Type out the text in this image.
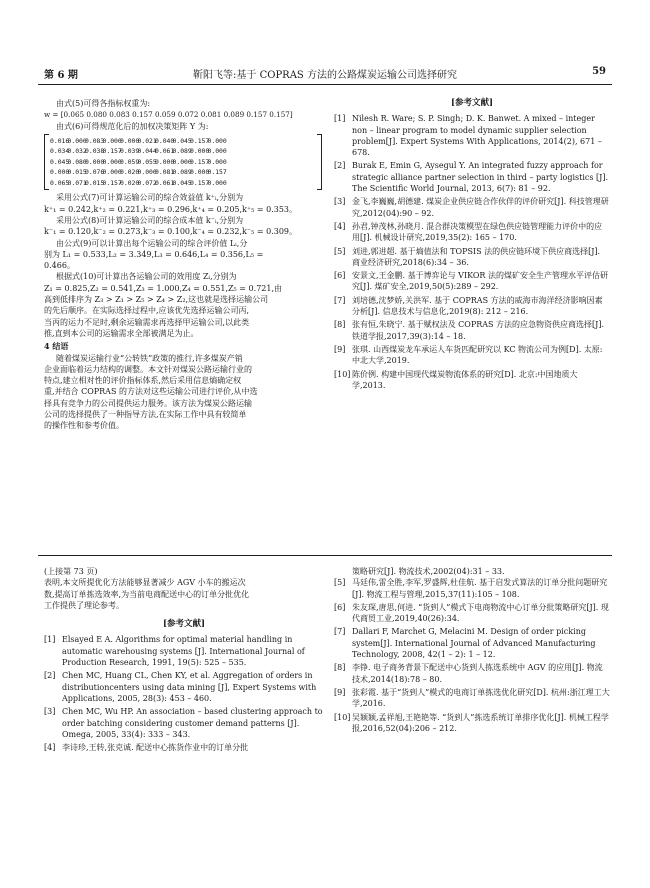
第 6 期	靳阳飞等:基于 COPRAS 方法的公路煤炭运输公司选择研究	59
由式(5)可得各指标权重为:
w = [0.065 0.080 0.083 0.157 0.059 0.072 0.081 0.089 0.157 0.157]
由式(6)可得规范化后的加权决策矩阵 Y 为:
0.016
0.000
0.083
0.000
0.000
0.021
0.040
0.045
0.157
0.000
0.034
0.032
0.038
0.157
0.039
0.044
0.061
0.089
0.000
0.000
0.045
0.080
0.000
0.000
0.059
0.055
0.000
0.000
0.157
0.000
0.000
0.015
0.076
0.000
0.020
0.000
0.081
0.089
0.000
0.157
0.065
0.071
0.015
0.157
0.020
0.072
0.061
0.045
0.157
0.000
采用公式(7)可计算运输公司的综合效益值 k⁺ᵢ,分别为
k⁺₁ = 0.242,k⁺₂ = 0.221,k⁺₃ = 0.296,k⁺₄ = 0.205,k⁺₅ = 0.353。
采用公式(8)可计算运输公司的综合成本值 k⁻ᵢ,分别为
k⁻₁ = 0.120,k⁻₂ = 0.273,k⁻₃ = 0.100,k⁻₄ = 0.232,k⁻₅ = 0.309。
由公式(9)可以计算出每个运输公司的综合评价值 Lᵢ,分
别为 L₁ = 0.533,L₂ = 3.349,L₃ = 0.646,L₄ = 0.356,L₅ =
0.466。
根据式(10)可计算出各运输公司的效用度 Zᵢ,分别为
Z₁ = 0.825,Z₂ = 0.541,Z₃ = 1.000,Z₄ = 0.551,Z₅ = 0.721,由
高到低排序为 Z₃ > Z₁ > Z₅ > Z₄ > Z₂,这也就是选择运输公司
的先后顺序。在实际选择过程中,应该优先选择运输公司丙,
当丙的运力不足时,剩余运输需求再选择甲运输公司,以此类
推,直到本公司的运输需求全部被满足为止。
4 结语
随着煤炭运输行业“公转铁”政策的推行,许多煤炭产销
企业面临着运力结构的调整。本文针对煤炭公路运输行业的
特点,建立相对性的评价指标体系,然后采用信息熵确定权
重,并结合 COPRAS 的方法对这些运输公司进行评价,从中选
择具有竞争力的公司提供运力服务。该方法为煤炭公路运输
公司的选择提供了一种指导方法,在实际工作中具有较简单
的操作性和参考价值。
[参考文献]
[1] Nilesh R. Ware; S. P. Singh; D. K. Banwet. A mixed – integer non – linear program to model dynamic supplier selection problem[J]. Expert Systems With Applications, 2014(2), 671 – 678.
[2] Burak E, Emin G, Aysegul Y. An integrated fuzzy approach for strategic alliance partner selection in third – party logistics [J]. The Scientific World Journal, 2013, 6(7): 81 – 92.
[3] 金飞,李巍巍,胡德建. 煤炭企业供应链合作伙伴的评价研究[J]. 科技管理研究,2012(04):90 – 92.
[4] 孙君,钟茂林,孙晓月. 混合群决策模型在绿色供应链管理能力评价中的应用[J]. 机械设计研究,2019,35(2): 165 – 170.
[5] 刘进,郭进超. 基于熵值法和 TOPSIS 法的供应链环境下供应商选择[J]. 商业经济研究,2018(6):34 – 36.
[6] 安景文,王金鹏. 基于博弈论与 VIKOR 法的煤矿安全生产管理水平评估研究[J]. 煤矿安全,2019,50(5):289 – 292.
[7] 刘培德,沈梦娇,关洪军. 基于 COPRAS 方法的威海市海洋经济影响因素分析[J]. 信息技术与信息化,2019(8): 212 – 216.
[8] 张有恒,朱晓宁. 基于赋权法及 COPRAS 方法的应急物资供应商选择[J]. 铁道学报,2017,39(3):14 – 18.
[9] 张琪. 山西煤炭龙车承运人车货匹配研究以 KC 物流公司为例[D]. 太原:中北大学,2019.
[10] 陈价例. 构建中国现代煤炭物流体系的研究[D]. 北京:中国地质大学,2013.
(上接第 73 页)
表明,本文所提优化方法能够显著减少 AGV 小车的搬运次
数,提高订单拣选效率,为当前电商配送中心的订单分批优化
工作提供了理论参考。
[参考文献]
[1] Elsayed E A. Algorithms for optimal material handling in automatic warehousing systems [J]. International Journal of Production Research, 1991, 19(5): 525 – 535.
[2] Chen MC, Huang CL, Chen KY, et al. Aggregation of orders in distributioncenters using data mining [J], Expert Systems with Applications, 2005, 28(3): 453 – 460.
[3] Chen MC, Wu HP. An association – based clustering approach to order batching considering customer demand patterns [J]. Omega, 2005, 33(4): 333 – 343.
[4] 李诗珍,王转,张克诚. 配送中心拣货作业中的订单分批
策略研究[J]. 物流技术,2002(04):31 – 33.
[5] 马廷伟,雷全胜,李军,罗盛辉,杜佳航. 基于启发式算法的订单分批问题研究[J]. 物流工程与管理,2015,37(11):105 – 108.
[6] 朱友琛,唐思,何进. “货到人”模式下电商物流中心订单分批策略研究[J]. 现代商贸工业,2019,40(26):34.
[7] Dallari F, Marchet G, Melacini M. Design of order picking system[J]. International Journal of Advanced Manufacturing Technology, 2008, 42(1 – 2): 1 – 12.
[8] 李铮. 电子商务背景下配送中心货到人拣选系统中 AGV 的应用[J]. 物流技术,2014(18):78 – 80.
[9] 张彩霞. 基于“货到人”模式的电商订单拣选优化研究[D]. 杭州:浙江理工大学,2016.
[10] 吴颖颖,孟祥旭,王艳艳等. “货到人”拣选系统订单排序优化[J]. 机械工程学报,2016,52(04):206 – 212.
